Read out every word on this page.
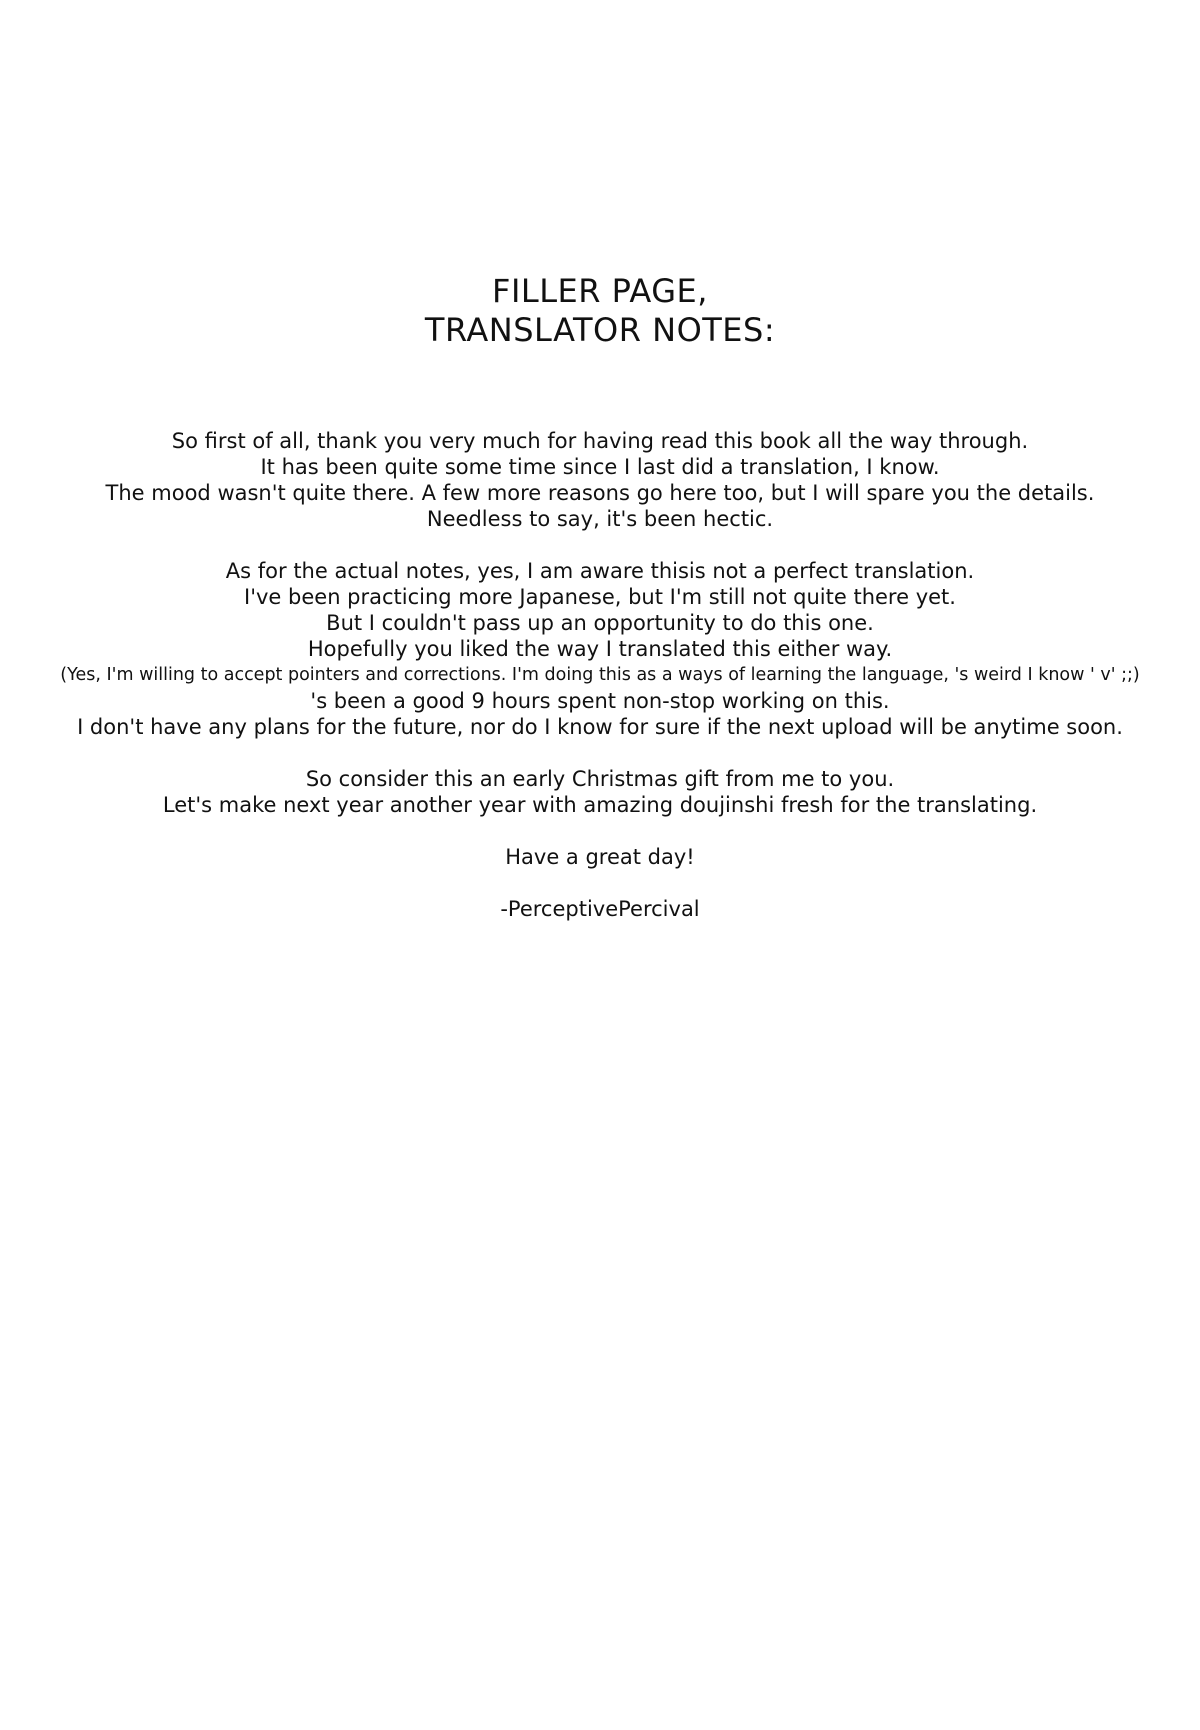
FILLER PAGE,
TRANSLATOR NOTES:
So first of all, thank you very much for having read this book all the way through.
It has been quite some time since I last did a translation, I know.
The mood wasn't quite there. A few more reasons go here too, but I will spare you the details.
Needless to say, it's been hectic.
As for the actual notes, yes, I am aware thisis not a perfect translation.
I've been practicing more Japanese, but I'm still not quite there yet.
But I couldn't pass up an opportunity to do this one.
Hopefully you liked the way I translated this either way.
(Yes, I'm willing to accept pointers and corrections. I'm doing this as a ways of learning the language, 's weird I know ' v' ;;)
's been a good 9 hours spent non-stop working on this.
I don't have any plans for the future, nor do I know for sure if the next upload will be anytime soon.
So consider this an early Christmas gift from me to you.
Let's make next year another year with amazing doujinshi fresh for the translating.
Have a great day!
-PerceptivePercival
